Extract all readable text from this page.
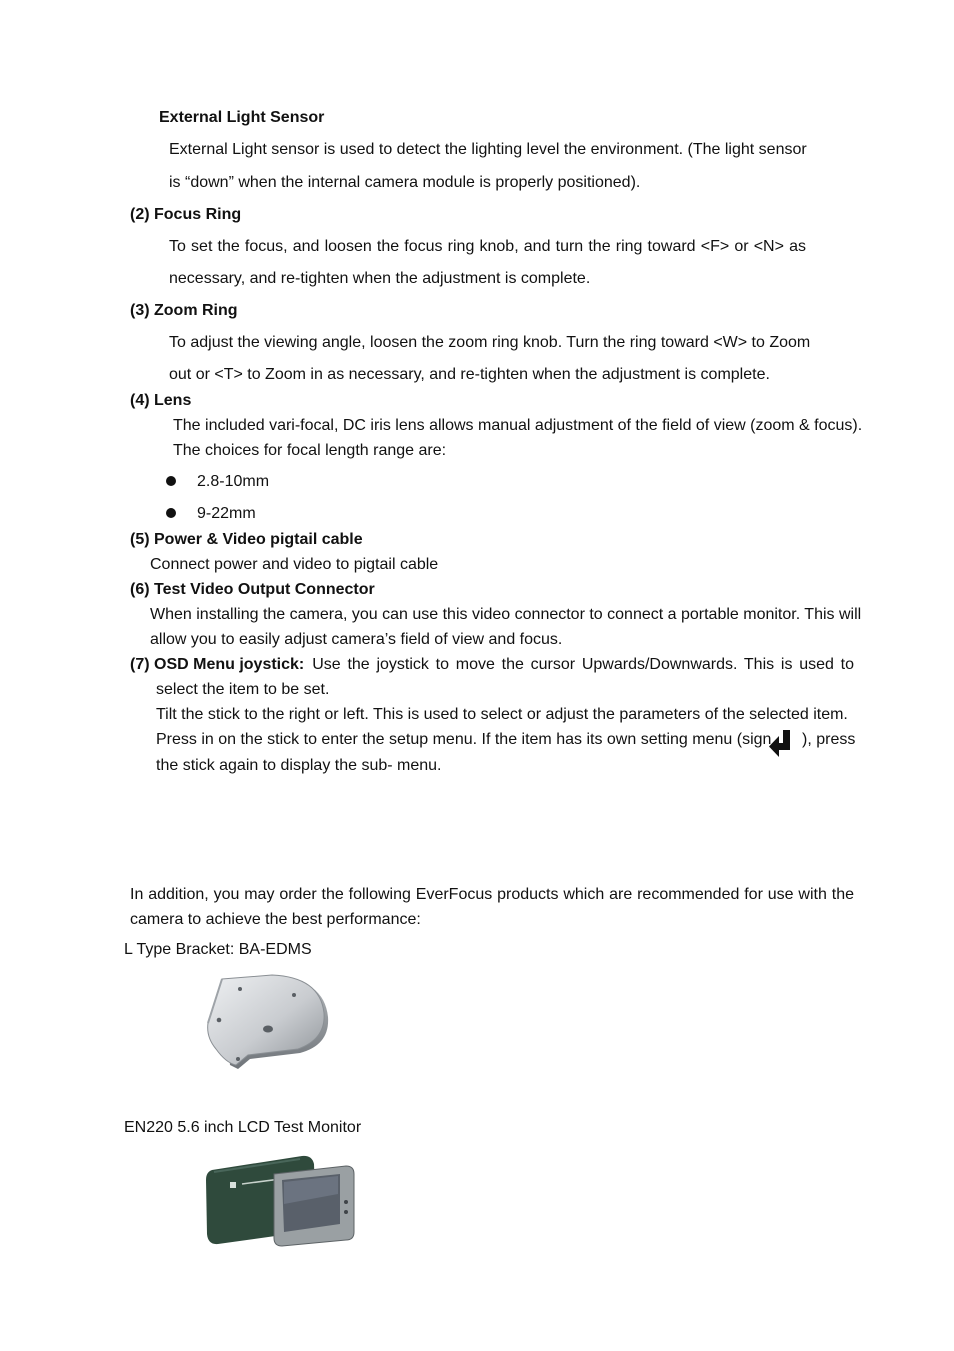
External Light Sensor
External Light sensor is used to detect the lighting level the environment. (The light sensor
is “down” when the internal camera module is properly positioned).
(2) Focus Ring
To set the focus, and loosen the focus ring knob, and turn the ring toward <F> or <N> as
necessary, and re-tighten when the adjustment is complete.
(3) Zoom Ring
To adjust the viewing angle, loosen the zoom ring knob. Turn the ring toward <W> to Zoom
out or <T> to Zoom in as necessary, and re-tighten when the adjustment is complete.
(4) Lens
The included vari-focal, DC iris lens allows manual adjustment of the field of view (zoom & focus).
The choices for focal length range are:
2.8-10mm
9-22mm
(5) Power & Video pigtail cable
Connect power and video to pigtail cable
(6) Test Video Output Connector
When installing the camera, you can use this video connector to connect a portable monitor. This will
allow you to easily adjust camera’s field of view and focus.
(7) OSD Menu joystick: Use the joystick to move the cursor Upwards/Downwards. This is used to
select the item to be set.
Tilt the stick to the right or left. This is used to select or adjust the parameters of the selected item.
Press in on the stick to enter the setup menu. If the item has its own setting menu (sign ), press
the stick again to display the sub- menu.
In addition, you may order the following EverFocus products which are recommended for use with the
camera to achieve the best performance:
L Type Bracket: BA-EDMS
EN220 5.6 inch LCD Test Monitor
